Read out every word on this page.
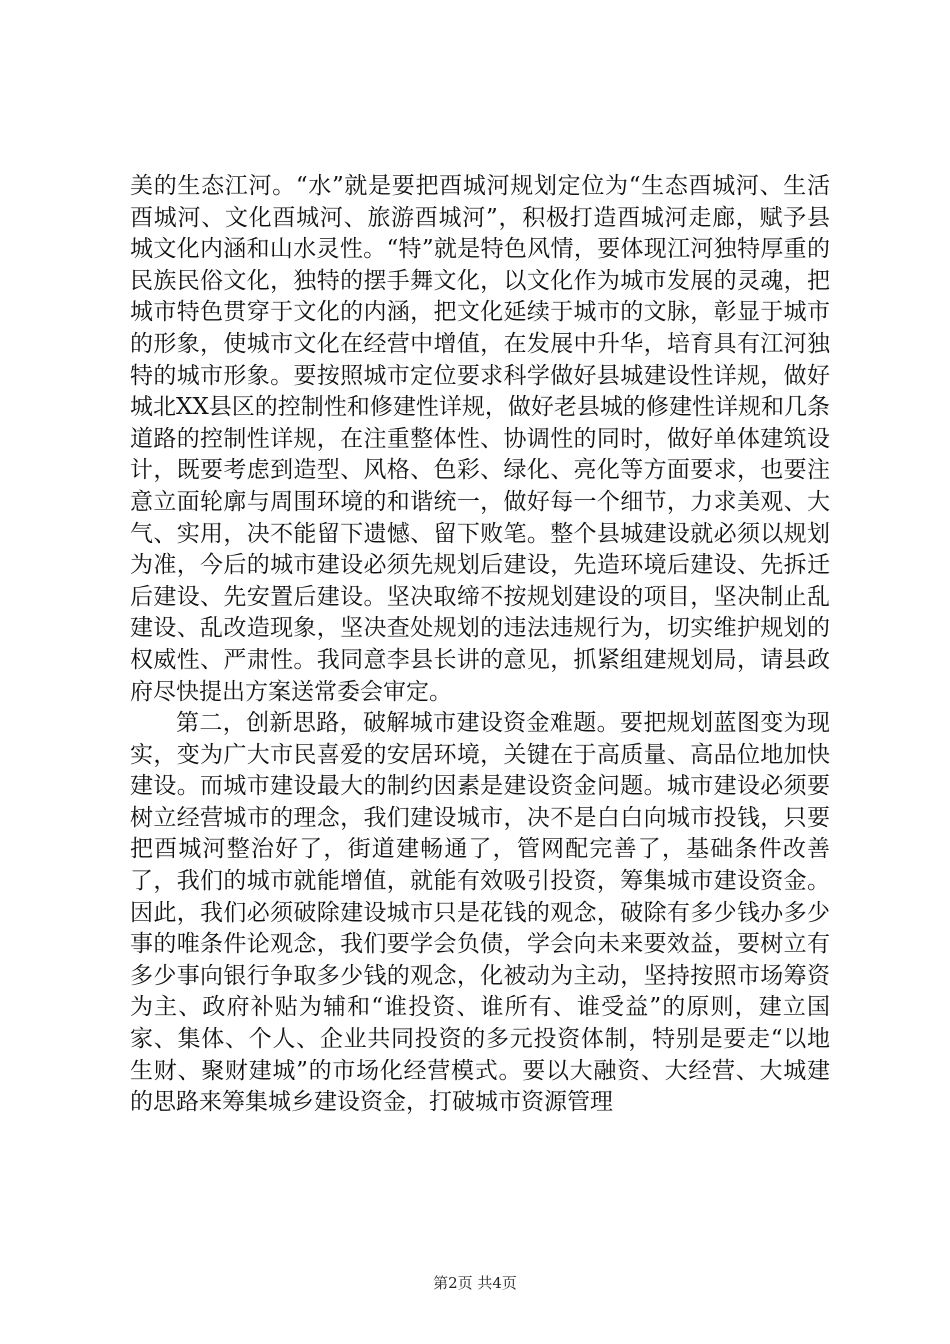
美的生态江河。“水”就是要把酉城河规划定位为“生态酉城河、生活酉城河、文化酉城河、旅游酉城河”，积极打造酉城河走廊，赋予县城文化内涵和山水灵性。“特”就是特色风情，要体现江河独特厚重的民族民俗文化，独特的摆手舞文化，以文化作为城市发展的灵魂，把城市特色贯穿于文化的内涵，把文化延续于城市的文脉，彰显于城市的形象，使城市文化在经营中增值，在发展中升华，培育具有江河独特的城市形象。要按照城市定位要求科学做好县城建设性详规，做好城北XX县区的控制性和修建性详规，做好老县城的修建性详规和几条道路的控制性详规，在注重整体性、协调性的同时，做好单体建筑设计，既要考虑到造型、风格、色彩、绿化、亮化等方面要求，也要注意立面轮廓与周围环境的和谐统一，做好每一个细节，力求美观、大气、实用，决不能留下遗憾、留下败笔。整个县城建设就必须以规划为准，今后的城市建设必须先规划后建设，先造环境后建设、先拆迁后建设、先安置后建设。坚决取缔不按规划建设的项目，坚决制止乱建设、乱改造现象，坚决查处规划的违法违规行为，切实维护规划的权威性、严肃性。我同意李县长讲的意见，抓紧组建规划局，请县政府尽快提出方案送常委会审定。

第二，创新思路，破解城市建设资金难题。要把规划蓝图变为现实，变为广大市民喜爱的安居环境，关键在于高质量、高品位地加快建设。而城市建设最大的制约因素是建设资金问题。城市建设必须要树立经营城市的理念，我们建设城市，决不是白白向城市投钱，只要把酉城河整治好了，街道建畅通了，管网配完善了，基础条件改善了，我们的城市就能增值，就能有效吸引投资，筹集城市建设资金。因此，我们必须破除建设城市只是花钱的观念，破除有多少钱办多少事的唯条件论观念，我们要学会负债，学会向未来要效益，要树立有多少事向银行争取多少钱的观念，化被动为主动，坚持按照市场筹资为主、政府补贴为辅和“谁投资、谁所有、谁受益”的原则，建立国家、集体、个人、企业共同投资的多元投资体制，特别是要走“以地生财、聚财建城”的市场化经营模式。要以大融资、大经营、大城建的思路来筹集城乡建设资金，打破城市资源管理

第2页 共4页
